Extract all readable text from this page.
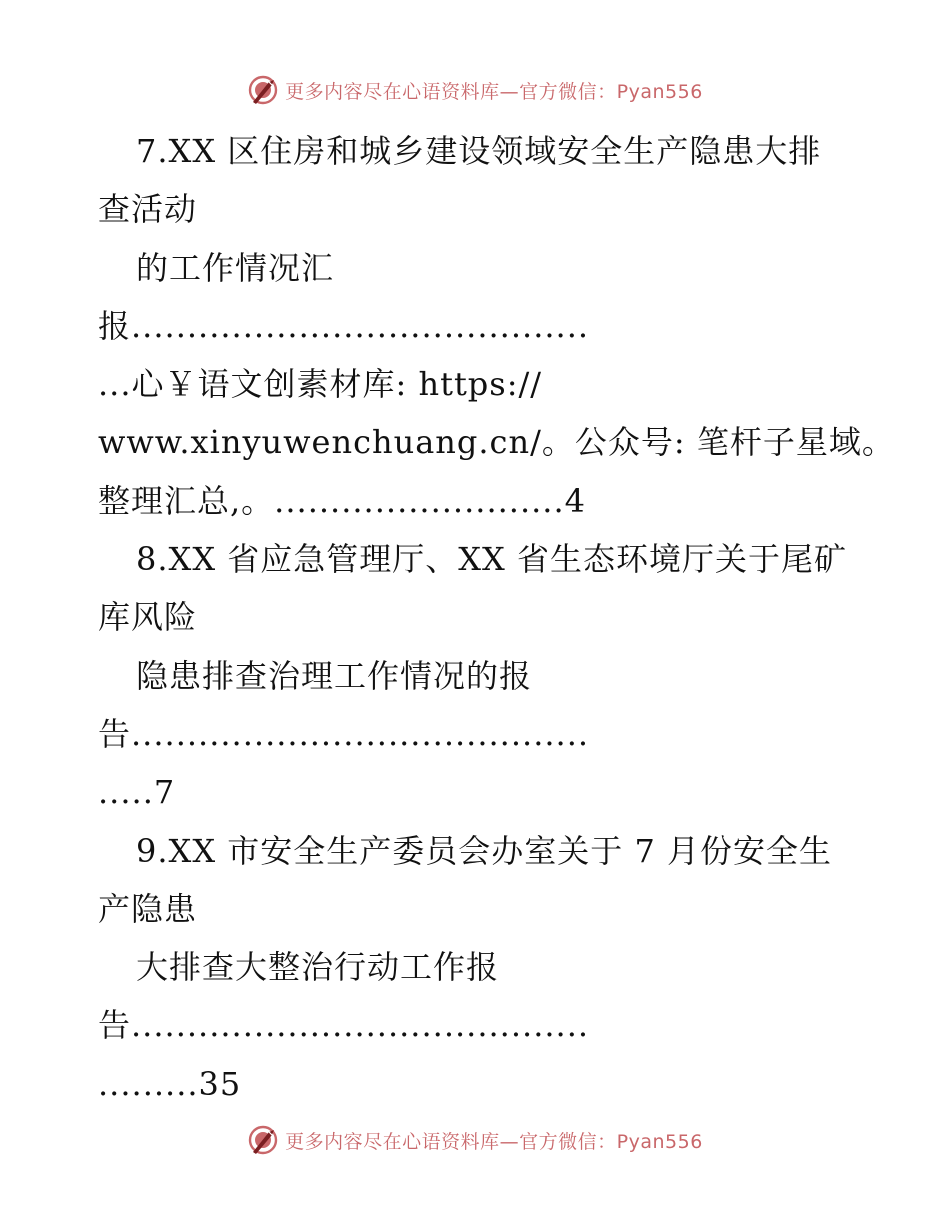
更多内容尽在心语资料库—官方微信：Pyan556
7.XX 区住房和城乡建设领域安全生产隐患大排
查活动
的工作情况汇
报.........................................
...心￥语文创素材库: https://
www.xinyuwenchuang.cn/。公众号: 笔杆子星域。
整理汇总,。..........................4
8.XX 省应急管理厅、XX 省生态环境厅关于尾矿
库风险
隐患排查治理工作情况的报
告.........................................
.....7
9.XX 市安全生产委员会办室关于 7 月份安全生
产隐患
大排查大整治行动工作报
告.........................................
.........35
更多内容尽在心语资料库—官方微信：Pyan556
